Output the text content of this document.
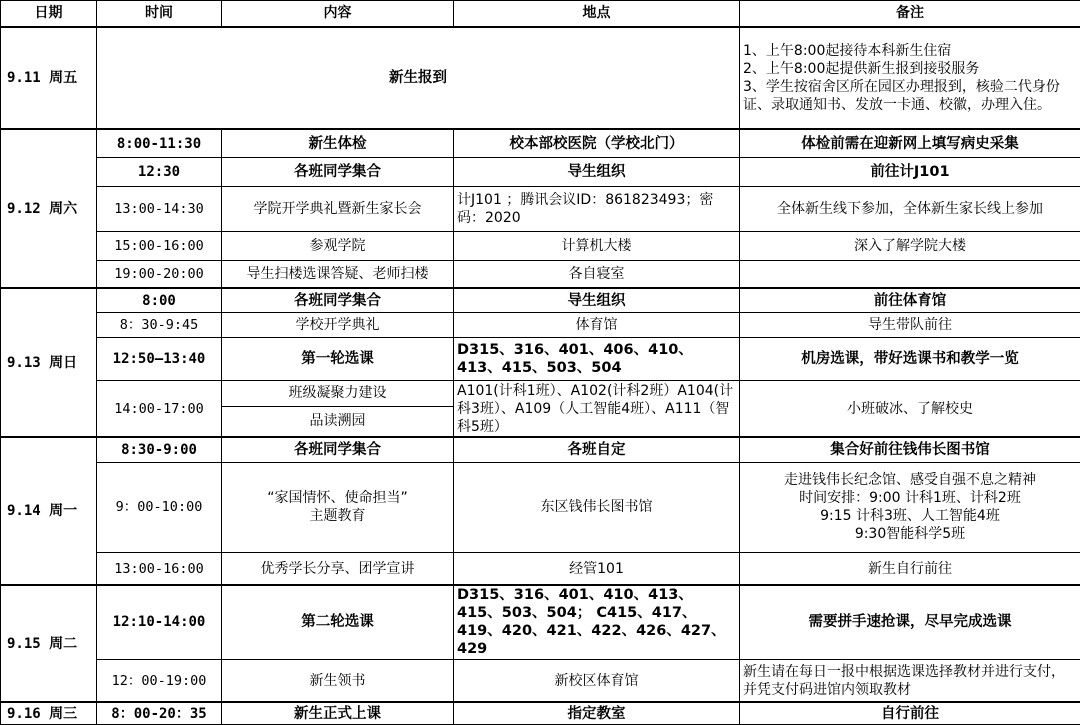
日期	时间	内容	地点	备注
9.11 周五	新生报到			1、上午8:00起接待本科新生住宿
2、上午8:00起提供新生报到接驳服务
3、学生按宿舍区所在园区办理报到，核验二代身份证、录取通知书、发放一卡通、校徽，办理入住。
9.12 周六	8:00-11:30	新生体检	校本部校医院（学校北门）	体检前需在迎新网上填写病史采集
	12:30	各班同学集合	导生组织	前往计J101
	13:00-14:30	学院开学典礼暨新生家长会	计J101 ；腾讯会议ID：861823493；密码：2020	全体新生线下参加，全体新生家长线上参加
	15:00-16:00	参观学院	计算机大楼	深入了解学院大楼
	19:00-20:00	导生扫楼选课答疑、老师扫楼	各自寝室	
9.13 周日	8:00	各班同学集合	导生组织	前往体育馆
	8：30-9:45	学校开学典礼	体育馆	导生带队前往
	12:50—13:40	第一轮选课	D315、316、401、406、410、413、415、503、504	机房选课，带好选课书和教学一览
	14:00-17:00	班级凝聚力建设	A101(计科1班）、A102(计科2班）A104(计科3班）、A109（人工智能4班）、A111（智科5班）	小班破冰、了解校史
		品读溯园		
9.14 周一	8:30-9:00	各班同学集合	各班自定	集合好前往钱伟长图书馆
	9：00-10:00	“家国情怀、使命担当”
主题教育	东区钱伟长图书馆	走进钱伟长纪念馆、感受自强不息之精神
时间安排：9:00 计科1班、计科2班
9:15 计科3班、人工智能4班
9:30智能科学5班
	13:00-16:00	优秀学长分享、团学宣讲	经管101	新生自行前往
9.15 周二	12:10-14:00	第二轮选课	D315、316、401、410、413、415、503、504； C415、417、419、420、421、422、426、427、429	需要拼手速抢课，尽早完成选课
	12：00-19:00	新生领书	新校区体育馆	新生请在每日一报中根据选课选择教材并进行支付，并凭支付码进馆内领取教材
9.16 周三	8：00-20：35	新生正式上课	指定教室	自行前往
